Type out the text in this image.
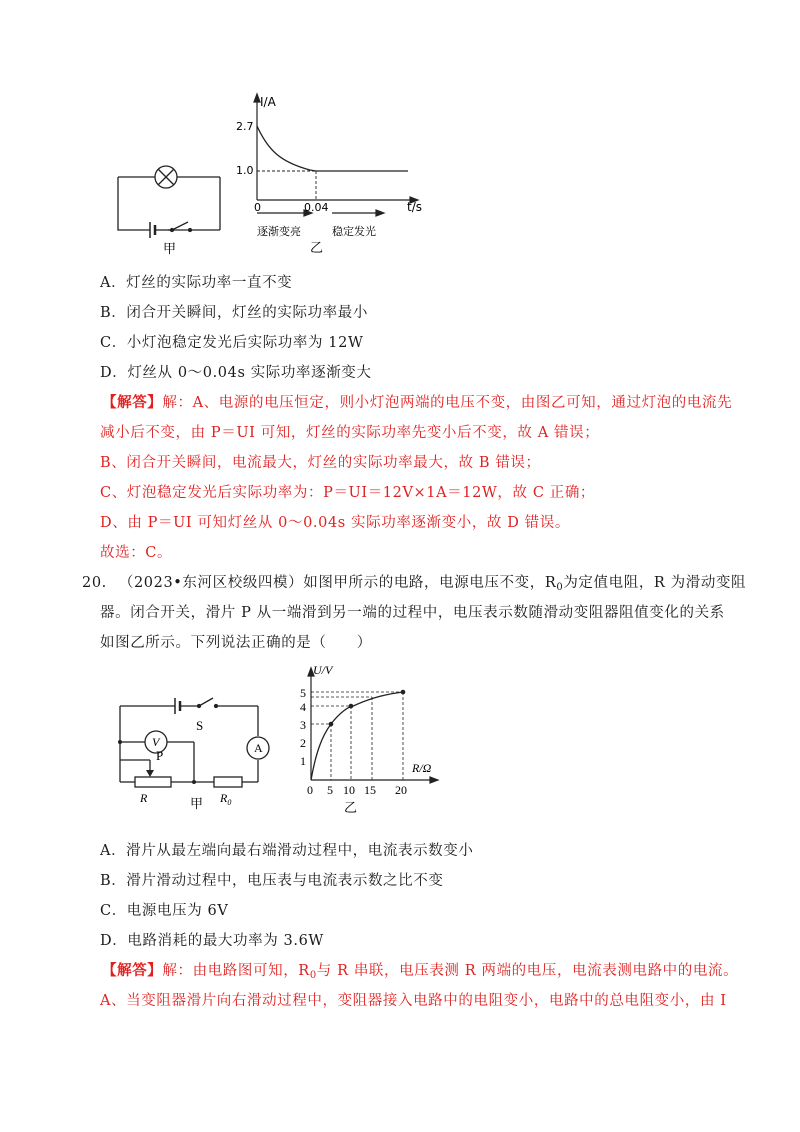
甲
I/A
2.7
1.0
0	0.04	t/s
逐渐变亮	稳定发光
乙
A．灯丝的实际功率一直不变
B．闭合开关瞬间，灯丝的实际功率最小
C．小灯泡稳定发光后实际功率为 12W
D．灯丝从 0～0.04s 实际功率逐渐变大
【解答】解：A、电源的电压恒定，则小灯泡两端的电压不变，由图乙可知，通过灯泡的电流先
减小后不变，由 P＝UI 可知，灯丝的实际功率先变小后不变，故 A 错误；
B、闭合开关瞬间，电流最大，灯丝的实际功率最大，故 B 错误；
C、灯泡稳定发光后实际功率为：P＝UI＝12V×1A＝12W，故 C 正确；
D、由 P＝UI 可知灯丝从 0～0.04s 实际功率逐渐变小，故 D 错误。
故选：C。
20. （2023•东河区校级四模）如图甲所示的电路，电源电压不变，$R_0$为定值电阻，R 为滑动变阻
器。闭合开关，滑片 P 从一端滑到另一端的过程中，电压表示数随滑动变阻器阻值变化的关系
如图乙所示。下列说法正确的是（　　）
V	A
S
P
R	$R_0$
甲
U/V
5
4
3
2
1
0 5 10 15 20
R/Ω
乙
A．滑片从最左端向最右端滑动过程中，电流表示数变小
B．滑片滑动过程中，电压表与电流表示数之比不变
C．电源电压为 6V
D．电路消耗的最大功率为 3.6W
【解答】解：由电路图可知，$R_0$与 R 串联，电压表测 R 两端的电压，电流表测电路中的电流。
A、当变阻器滑片向右滑动过程中，变阻器接入电路中的电阻变小，电路中的总电阻变小，由 I
